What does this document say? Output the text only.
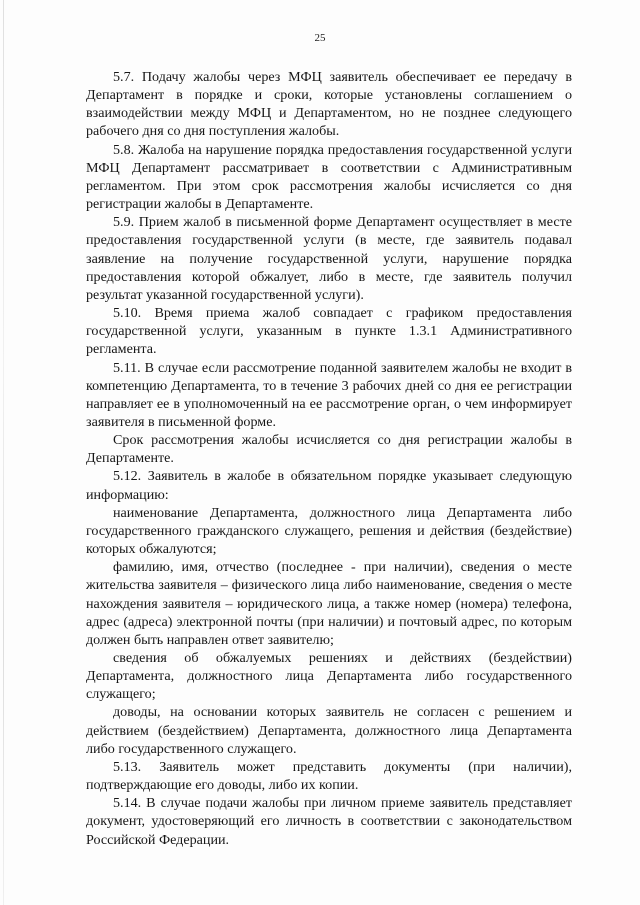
25

5.7. Подачу жалобы через МФЦ заявитель обеспечивает ее передачу в Департамент в порядке и сроки, которые установлены соглашением о взаимодействии между МФЦ и Департаментом, но не позднее следующего рабочего дня со дня поступления жалобы.

5.8. Жалоба на нарушение порядка предоставления государственной услуги МФЦ Департамент рассматривает в соответствии с Административным регламентом. При этом срок рассмотрения жалобы исчисляется со дня регистрации жалобы в Департаменте.

5.9. Прием жалоб в письменной форме Департамент осуществляет в месте предоставления государственной услуги (в месте, где заявитель подавал заявление на получение государственной услуги, нарушение порядка предоставления которой обжалует, либо в месте, где заявитель получил результат указанной государственной услуги).

5.10. Время приема жалоб совпадает с графиком предоставления государственной услуги, указанным в пункте 1.3.1 Административного регламента.

5.11. В случае если рассмотрение поданной заявителем жалобы не входит в компетенцию Департамента, то в течение 3 рабочих дней со дня ее регистрации направляет ее в уполномоченный на ее рассмотрение орган, о чем информирует заявителя в письменной форме.

Срок рассмотрения жалобы исчисляется со дня регистрации жалобы в Департаменте.

5.12. Заявитель в жалобе в обязательном порядке указывает следующую информацию:

наименование Департамента, должностного лица Департамента либо государственного гражданского служащего, решения и действия (бездействие) которых обжалуются;

фамилию, имя, отчество (последнее - при наличии), сведения о месте жительства заявителя – физического лица либо наименование, сведения о месте нахождения заявителя – юридического лица, а также номер (номера) телефона, адрес (адреса) электронной почты (при наличии) и почтовый адрес, по которым должен быть направлен ответ заявителю;

сведения об обжалуемых решениях и действиях (бездействии) Департамента, должностного лица Департамента либо государственного служащего;

доводы, на основании которых заявитель не согласен с решением и действием (бездействием) Департамента, должностного лица Департамента либо государственного служащего.

5.13. Заявитель может представить документы (при наличии), подтверждающие его доводы, либо их копии.

5.14. В случае подачи жалобы при личном приеме заявитель представляет документ, удостоверяющий его личность в соответствии с законодательством Российской Федерации.
